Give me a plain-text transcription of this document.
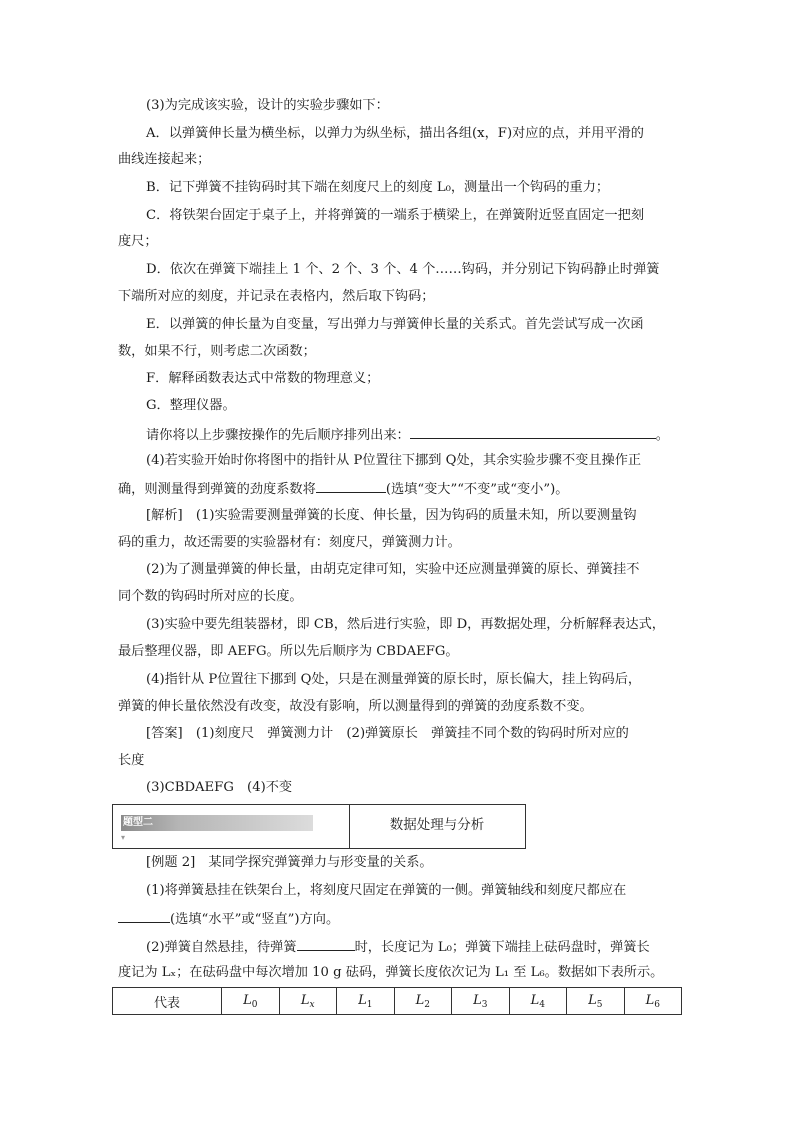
(3)为完成该实验，设计的实验步骤如下：
A．以弹簧伸长量为横坐标，以弹力为纵坐标，描出各组(x，F)对应的点，并用平滑的
曲线连接起来；
B．记下弹簧不挂钩码时其下端在刻度尺上的刻度 L₀，测量出一个钩码的重力；
C．将铁架台固定于桌子上，并将弹簧的一端系于横梁上，在弹簧附近竖直固定一把刻
度尺；
D．依次在弹簧下端挂上 1 个、2 个、3 个、4 个……钩码，并分别记下钩码静止时弹簧
下端所对应的刻度，并记录在表格内，然后取下钩码；
E．以弹簧的伸长量为自变量，写出弹力与弹簧伸长量的关系式。首先尝试写成一次函
数，如果不行，则考虑二次函数；
F．解释函数表达式中常数的物理意义；
G．整理仪器。
请你将以上步骤按操作的先后顺序排列出来：	。
(4)若实验开始时你将图中的指针从 P位置往下挪到 Q处，其余实验步骤不变且操作正
确，则测量得到弹簧的劲度系数将	(选填“变大”“不变”或“变小”)。
[解析]　(1)实验需要测量弹簧的长度、伸长量，因为钩码的质量未知，所以要测量钩
码的重力，故还需要的实验器材有：刻度尺，弹簧测力计。
(2)为了测量弹簧的伸长量，由胡克定律可知，实验中还应测量弹簧的原长、弹簧挂不
同个数的钩码时所对应的长度。
(3)实验中要先组装器材，即 CB，然后进行实验，即 D，再数据处理，分析解释表达式，
最后整理仪器，即 AEFG。所以先后顺序为 CBDAEFG。
(4)指针从 P位置往下挪到 Q处，只是在测量弹簧的原长时，原长偏大，挂上钩码后，
弹簧的伸长量依然没有改变，故没有影响，所以测量得到的弹簧的劲度系数不变。
[答案]　(1)刻度尺　弹簧测力计　(2)弹簧原长　弹簧挂不同个数的钩码时所对应的
长度
(3)CBDAEFG　(4)不变
题型二
▾
数据处理与分析
[例题 2]　某同学探究弹簧弹力与形变量的关系。
(1)将弹簧悬挂在铁架台上，将刻度尺固定在弹簧的一侧。弹簧轴线和刻度尺都应在
(选填“水平”或“竖直”)方向。
(2)弹簧自然悬挂，待弹簧	时，长度记为 L₀；弹簧下端挂上砝码盘时，弹簧长
度记为 Lₓ；在砝码盘中每次增加 10 g 砝码，弹簧长度依次记为 L₁ 至 L₆。数据如下表所示。
代表	$L_0$	$L_x$	$L_1$	$L_2$	$L_3$	$L_4$	$L_5$	$L_6$
